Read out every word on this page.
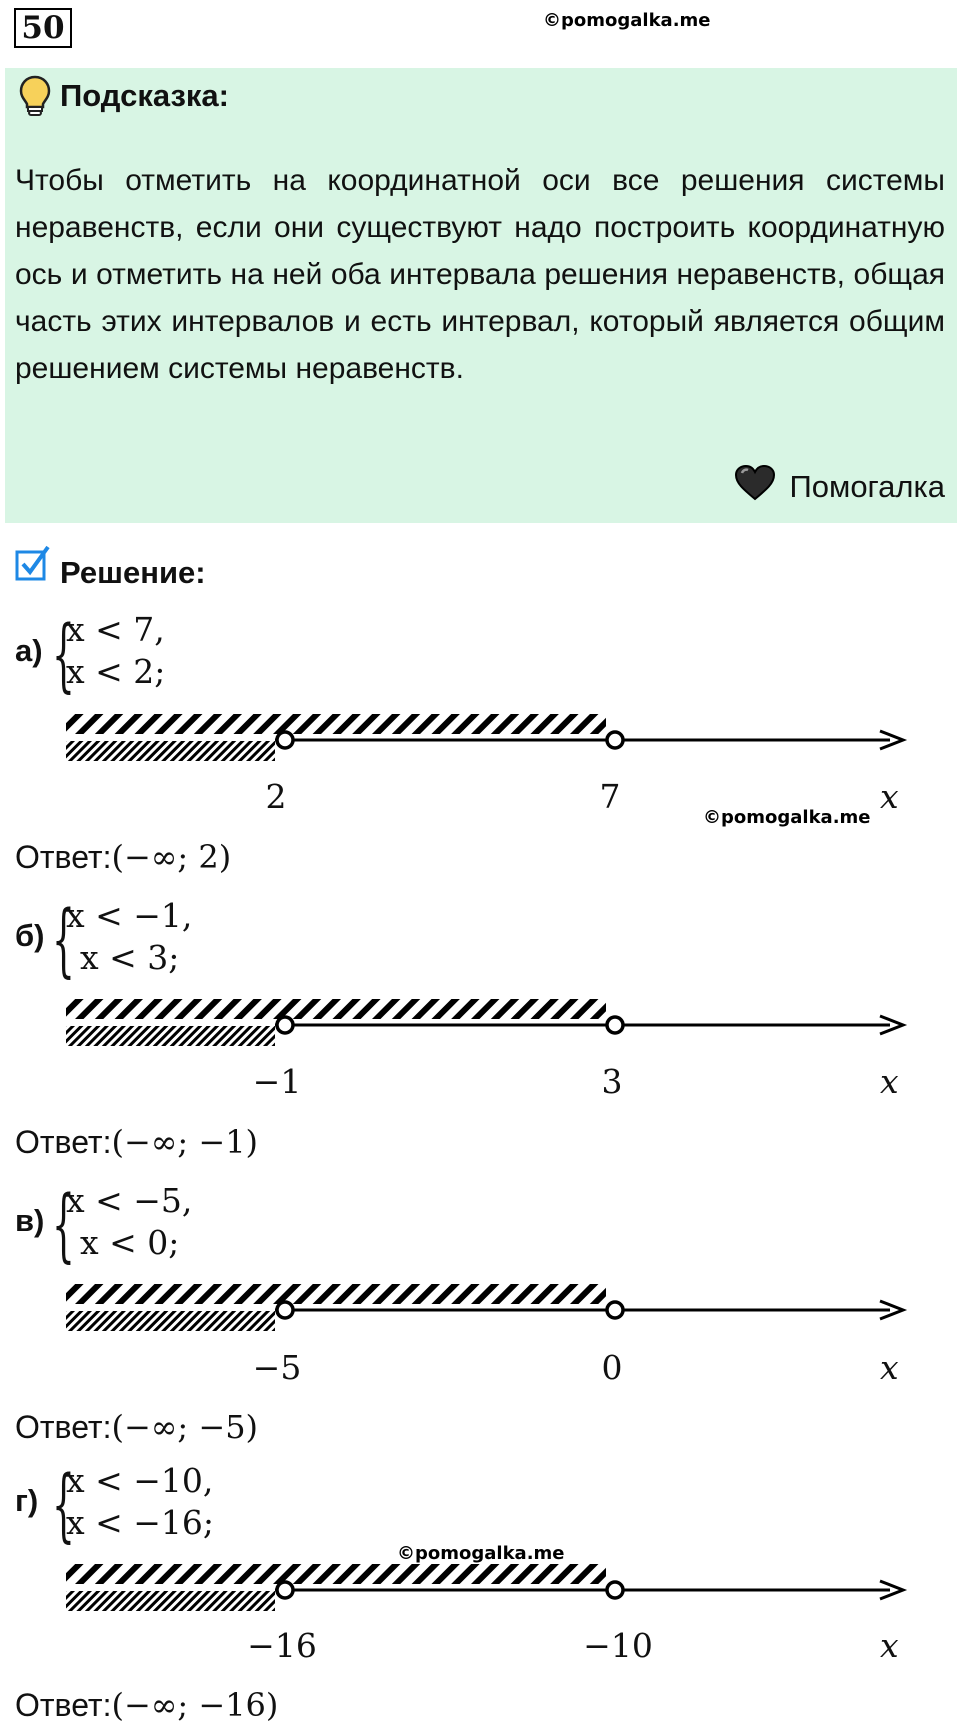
50	©pomogalka.me
Подсказка:
Чтобы отметить на координатной оси все решения системы неравенств, если они существуют надо построить координатную ось и отметить на ней оба интервала решения неравенств, общая часть этих интервалов и есть интервал, который является общим решением системы неравенств.
Помогалка
Решение:
©pomogalka.me
©pomogalka.me
а) {
x < 7,
x < 2;
2	7	x
Ответ:(−∞; 2)
б) {
x < −1,
x < 3;
−1	3	x
Ответ:(−∞; −1)
в) {
x < −5,
x < 0;
−5	0	x
Ответ:(−∞; −5)
г) {
x < −10,
x < −16;
−16	−10	x
Ответ:(−∞; −16)
